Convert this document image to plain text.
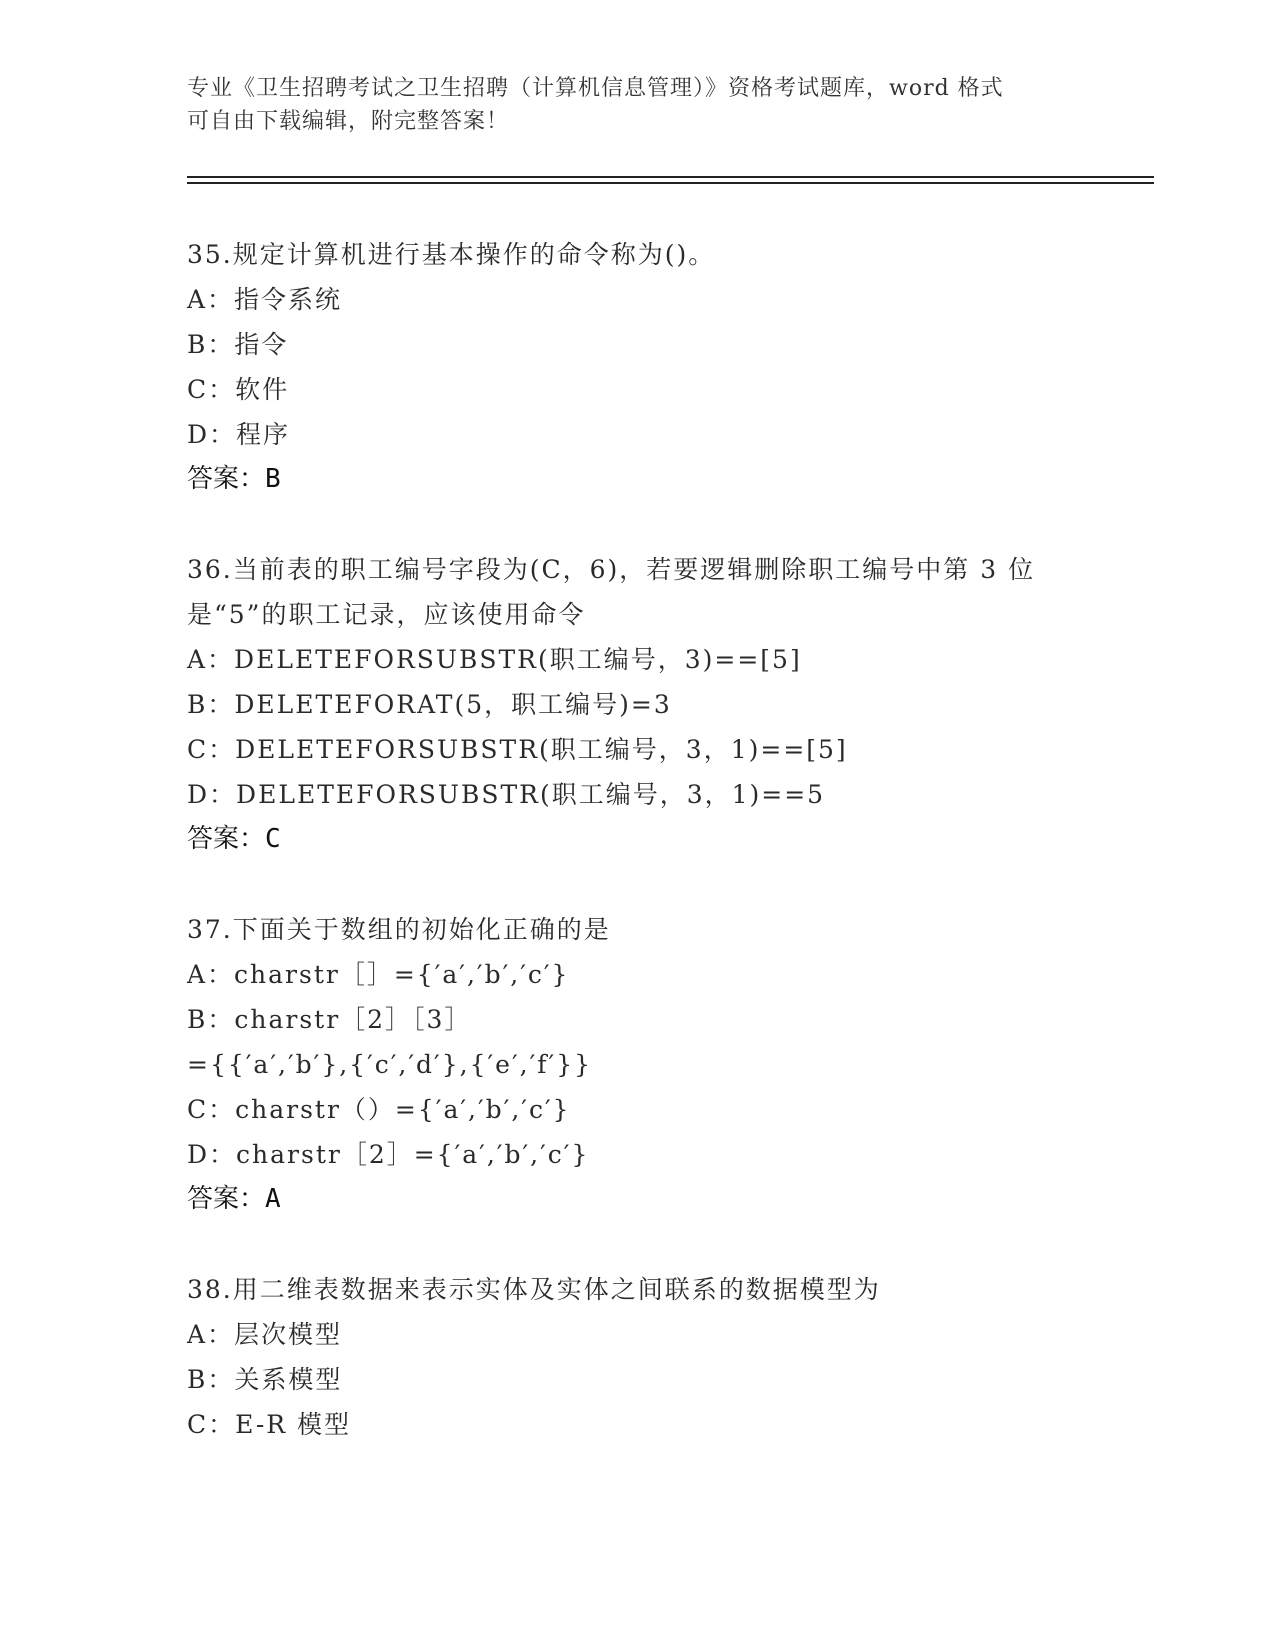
专业《卫生招聘考试之卫生招聘（计算机信息管理）》资格考试题库，word 格式
可自由下载编辑，附完整答案！
35.规定计算机进行基本操作的命令称为()。
A：指令系统
B：指令
C：软件
D：程序
答案：B
36.当前表的职工编号字段为(C，6)，若要逻辑删除职工编号中第 3 位
是“5”的职工记录，应该使用命令
A：DELETEFORSUBSTR(职工编号，3)==[5]
B：DELETEFORAT(5，职工编号)=3
C：DELETEFORSUBSTR(职工编号，3，1)==[5]
D：DELETEFORSUBSTR(职工编号，3，1)==5
答案：C
37.下面关于数组的初始化正确的是
A：charstr［］={′a′,′b′,′c′}
B：charstr［2］［3］
={{′a′,′b′},{′c′,′d′},{′e′,′f′}}
C：charstr（）={′a′,′b′,′c′}
D：charstr［2］={′a′,′b′,′c′}
答案：A
38.用二维表数据来表示实体及实体之间联系的数据模型为
A：层次模型
B：关系模型
C：E-R 模型
